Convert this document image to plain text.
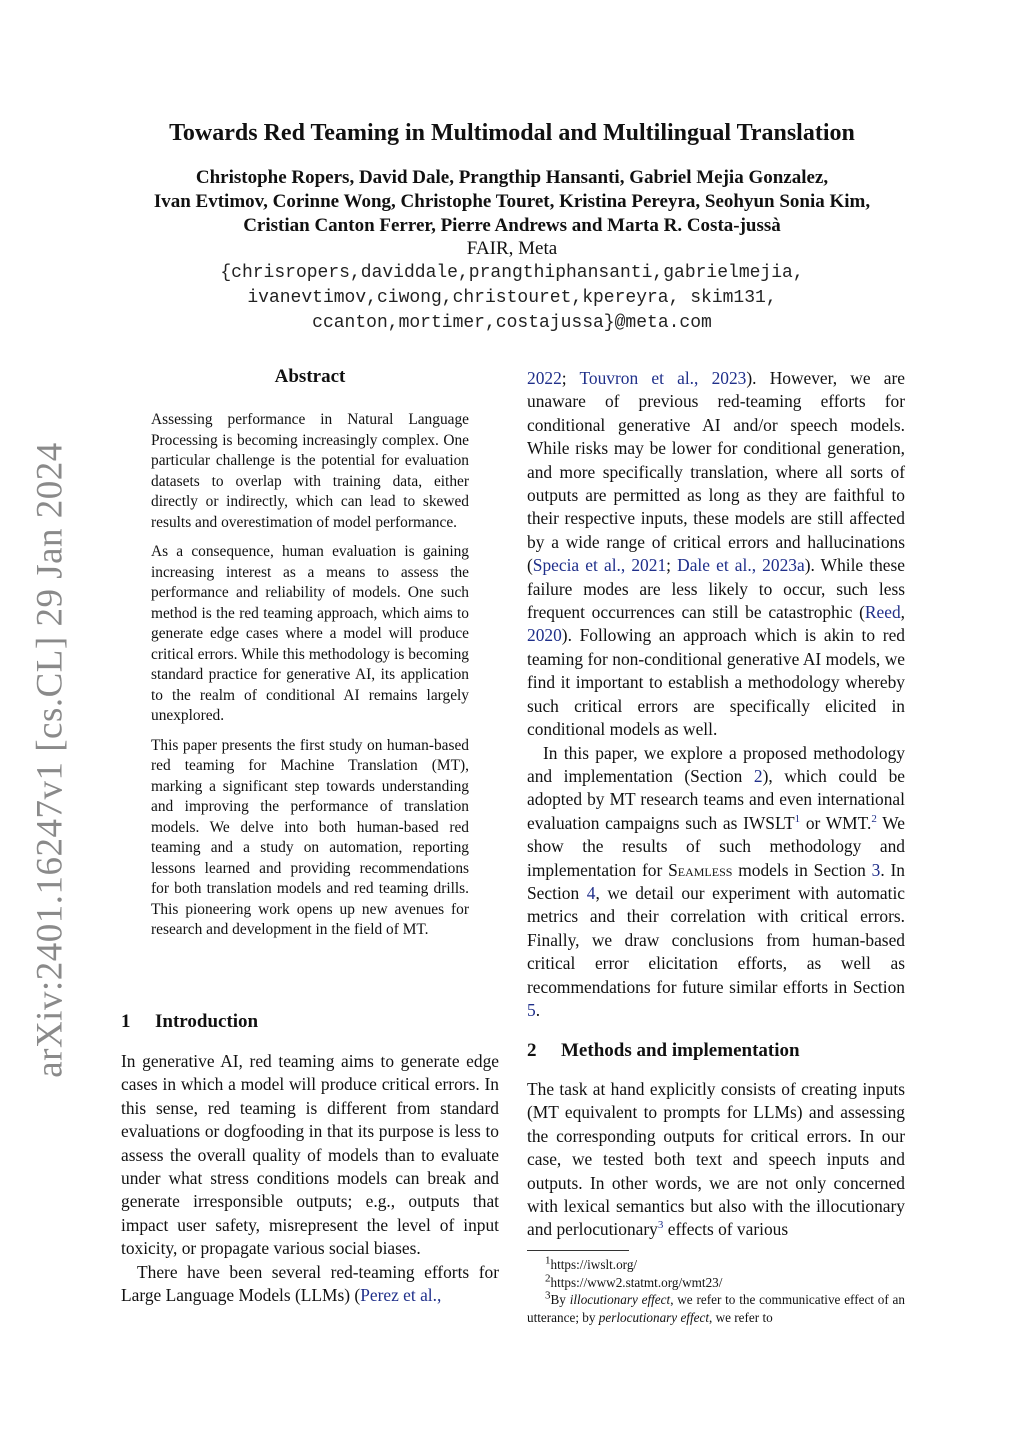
arXiv:2401.16247v1 [cs.CL] 29 Jan 2024
Towards Red Teaming in Multimodal and Multilingual Translation
Christophe Ropers, David Dale, Prangthip Hansanti, Gabriel Mejia Gonzalez,
Ivan Evtimov, Corinne Wong, Christophe Touret, Kristina Pereyra, Seohyun Sonia Kim,
Cristian Canton Ferrer, Pierre Andrews and Marta R. Costa-jussà
FAIR, Meta
{chrisropers,daviddale,prangthiphansanti,gabrielmejia,
ivanevtimov,ciwong,christouret,kpereyra, skim131,
ccanton,mortimer,costajussa}@meta.com
Abstract

Assessing performance in Natural Language Processing is becoming increasingly complex. One particular challenge is the potential for evaluation datasets to overlap with training data, either directly or indirectly, which can lead to skewed results and overestimation of model performance.

As a consequence, human evaluation is gaining increasing interest as a means to assess the performance and reliability of models. One such method is the red teaming approach, which aims to generate edge cases where a model will produce critical errors. While this methodology is becoming standard practice for generative AI, its application to the realm of conditional AI remains largely unexplored.

This paper presents the first study on human-based red teaming for Machine Translation (MT), marking a significant step towards understanding and improving the performance of translation models. We delve into both human-based red teaming and a study on automation, reporting lessons learned and providing recommendations for both translation models and red teaming drills. This pioneering work opens up new avenues for research and development in the field of MT.

1 Introduction

In generative AI, red teaming aims to generate edge cases in which a model will produce critical errors. In this sense, red teaming is different from standard evaluations or dogfooding in that its purpose is less to assess the overall quality of models than to evaluate under what stress conditions models can break and generate irresponsible outputs; e.g., outputs that impact user safety, misrepresent the level of input toxicity, or propagate various social biases.

There have been several red-teaming efforts for Large Language Models (LLMs) (Perez et al.,

2022; Touvron et al., 2023). However, we are unaware of previous red-teaming efforts for conditional generative AI and/or speech models. While risks may be lower for conditional generation, and more specifically translation, where all sorts of outputs are permitted as long as they are faithful to their respective inputs, these models are still affected by a wide range of critical errors and hallucinations (Specia et al., 2021; Dale et al., 2023a). While these failure modes are less likely to occur, such less frequent occurrences can still be catastrophic (Reed, 2020). Following an approach which is akin to red teaming for non-conditional generative AI models, we find it important to establish a methodology whereby such critical errors are specifically elicited in conditional models as well.

In this paper, we explore a proposed methodology and implementation (Section 2), which could be adopted by MT research teams and even international evaluation campaigns such as IWSLT$^1$ or WMT.$^2$ We show the results of such methodology and implementation for Seamless models in Section 3. In Section 4, we detail our experiment with automatic metrics and their correlation with critical errors. Finally, we draw conclusions from human-based critical error elicitation efforts, as well as recommendations for future similar efforts in Section 5.

2 Methods and implementation

The task at hand explicitly consists of creating inputs (MT equivalent to prompts for LLMs) and assessing the corresponding outputs for critical errors. In our case, we tested both text and speech inputs and outputs. In other words, we are not only concerned with lexical semantics but also with the illocutionary and perlocutionary$^3$ effects of various

$^1$https://iwslt.org/
$^2$https://www2.statmt.org/wmt23/
$^3$By illocutionary effect, we refer to the communicative effect of an utterance; by perlocutionary effect, we refer to
